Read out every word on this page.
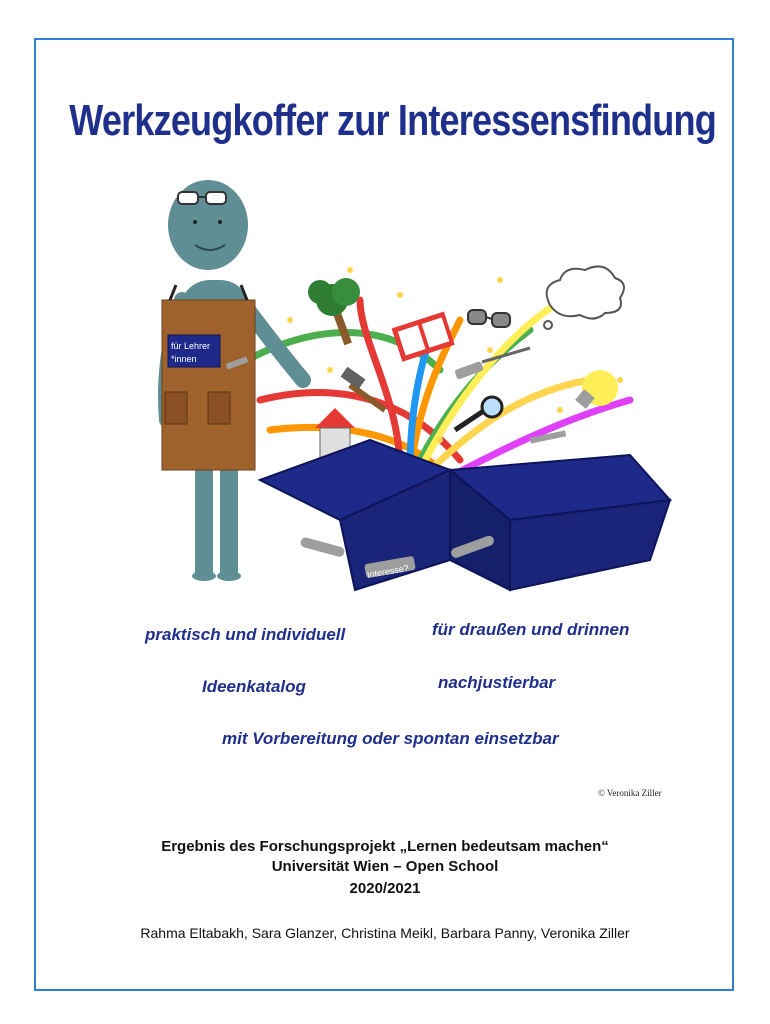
Werkzeugkoffer zur Interessensfindung
Interesse?
für Lehrer
*innen
praktisch und individuell	für draußen und drinnen
Ideenkatalog	nachjustierbar
mit Vorbereitung oder spontan einsetzbar
© Veronika Ziller
Ergebnis des Forschungsprojekt „Lernen bedeutsam machen“
Universität Wien – Open School
2020/2021
Rahma Eltabakh, Sara Glanzer, Christina Meikl, Barbara Panny, Veronika Ziller
